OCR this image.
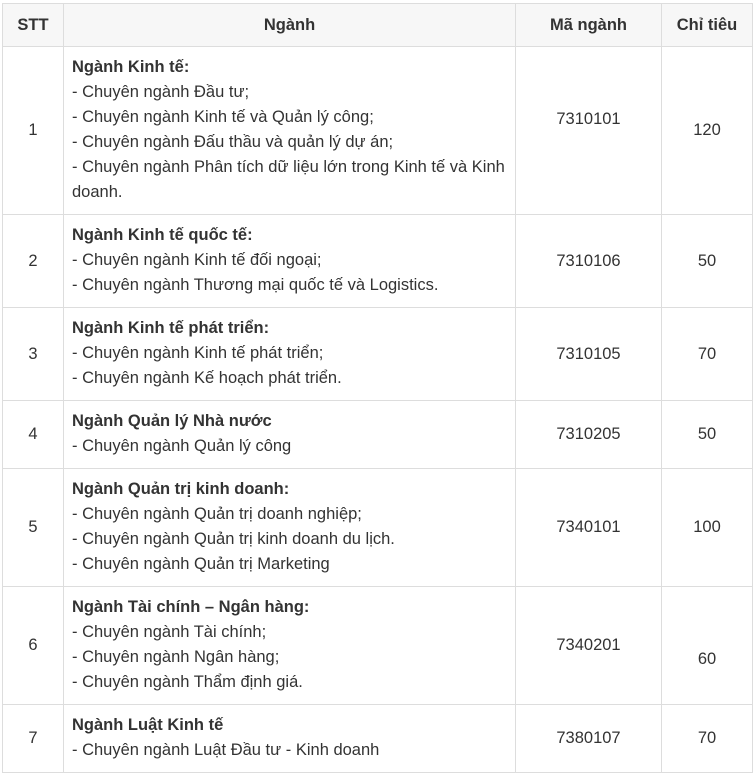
STT	Ngành	Mã ngành	Chỉ tiêu
1	Ngành Kinh tế:
- Chuyên ngành Đầu tư;
- Chuyên ngành Kinh tế và Quản lý công;
- Chuyên ngành Đấu thầu và quản lý dự án;
- Chuyên ngành Phân tích dữ liệu lớn trong Kinh tế và Kinh doanh.	7310101	120
2	Ngành Kinh tế quốc tế:
- Chuyên ngành Kinh tế đối ngoại;
- Chuyên ngành Thương mại quốc tế và Logistics.	7310106	50
3	Ngành Kinh tế phát triển:
- Chuyên ngành Kinh tế phát triển;
- Chuyên ngành Kế hoạch phát triển.	7310105	70
4	Ngành Quản lý Nhà nước
- Chuyên ngành Quản lý công	7310205	50
5	Ngành Quản trị kinh doanh:
- Chuyên ngành Quản trị doanh nghiệp;
- Chuyên ngành Quản trị kinh doanh du lịch.
- Chuyên ngành Quản trị Marketing	7340101	100
6	Ngành Tài chính – Ngân hàng:
- Chuyên ngành Tài chính;
- Chuyên ngành Ngân hàng;
- Chuyên ngành Thẩm định giá.	7340201	60
7	Ngành Luật Kinh tế
- Chuyên ngành Luật Đầu tư - Kinh doanh	7380107	70
